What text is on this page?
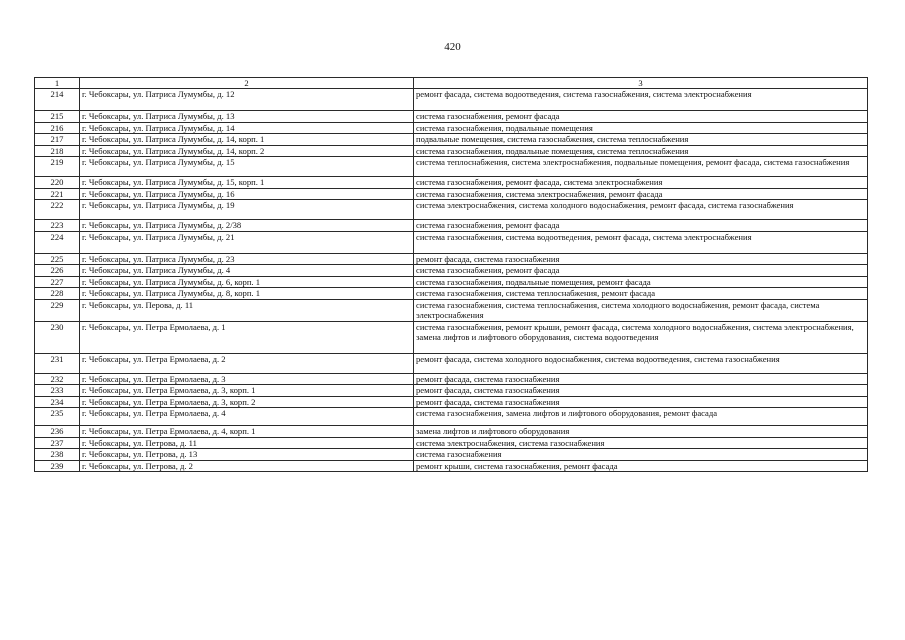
420
1	2	3
214	г. Чебоксары, ул. Патриса Лумумбы, д. 12	ремонт фасада, система водоотведения, система газоснабжения, система электроснабжения
215	г. Чебоксары, ул. Патриса Лумумбы, д. 13	система газоснабжения, ремонт фасада
216	г. Чебоксары, ул. Патриса Лумумбы, д. 14	система газоснабжения, подвальные помещения
217	г. Чебоксары, ул. Патриса Лумумбы, д. 14, корп. 1	подвальные помещения, система газоснабжения, система теплоснабжения
218	г. Чебоксары, ул. Патриса Лумумбы, д. 14, корп. 2	система газоснабжения, подвальные помещения, система теплоснабжения
219	г. Чебоксары, ул. Патриса Лумумбы, д. 15	система теплоснабжения, система электроснабжения, подвальные помещения, ремонт фасада, система газоснабжения
220	г. Чебоксары, ул. Патриса Лумумбы, д. 15, корп. 1	система газоснабжения, ремонт фасада, система электроснабжения
221	г. Чебоксары, ул. Патриса Лумумбы, д. 16	система газоснабжения, система электроснабжения, ремонт фасада
222	г. Чебоксары, ул. Патриса Лумумбы, д. 19	система электроснабжения, система холодного водоснабжения, ремонт фасада, система газоснабжения
223	г. Чебоксары, ул. Патриса Лумумбы, д. 2/38	система газоснабжения, ремонт фасада
224	г. Чебоксары, ул. Патриса Лумумбы, д. 21	система газоснабжения, система водоотведения, ремонт фасада, система электроснабжения
225	г. Чебоксары, ул. Патриса Лумумбы, д. 23	ремонт фасада, система газоснабжения
226	г. Чебоксары, ул. Патриса Лумумбы, д. 4	система газоснабжения, ремонт фасада
227	г. Чебоксары, ул. Патриса Лумумбы, д. 6, корп. 1	система газоснабжения, подвальные помещения, ремонт фасада
228	г. Чебоксары, ул. Патриса Лумумбы, д. 8, корп. 1	система газоснабжения, система теплоснабжения, ремонт фасада
229	г. Чебоксары, ул. Перова, д. 11	система газоснабжения, система теплоснабжения, система холодного водоснабжения, ремонт фасада, система электроснабжения
230	г. Чебоксары, ул. Петра Ермолаева, д. 1	система газоснабжения, ремонт крыши, ремонт фасада, система холодного водоснабжения, система электроснабжения, замена лифтов и лифтового оборудования, система водоотведения
231	г. Чебоксары, ул. Петра Ермолаева, д. 2	ремонт фасада, система холодного водоснабжения, система водоотведения, система газоснабжения
232	г. Чебоксары, ул. Петра Ермолаева, д. 3	ремонт фасада, система газоснабжения
233	г. Чебоксары, ул. Петра Ермолаева, д. 3, корп. 1	ремонт фасада, система газоснабжения
234	г. Чебоксары, ул. Петра Ермолаева, д. 3, корп. 2	ремонт фасада, система газоснабжения
235	г. Чебоксары, ул. Петра Ермолаева, д. 4	система газоснабжения, замена лифтов и лифтового оборудования, ремонт фасада
236	г. Чебоксары, ул. Петра Ермолаева, д. 4, корп. 1	замена лифтов и лифтового оборудования
237	г. Чебоксары, ул. Петрова, д. 11	система электроснабжения, система газоснабжения
238	г. Чебоксары, ул. Петрова, д. 13	система газоснабжения
239	г. Чебоксары, ул. Петрова, д. 2	ремонт крыши, система газоснабжения, ремонт фасада
